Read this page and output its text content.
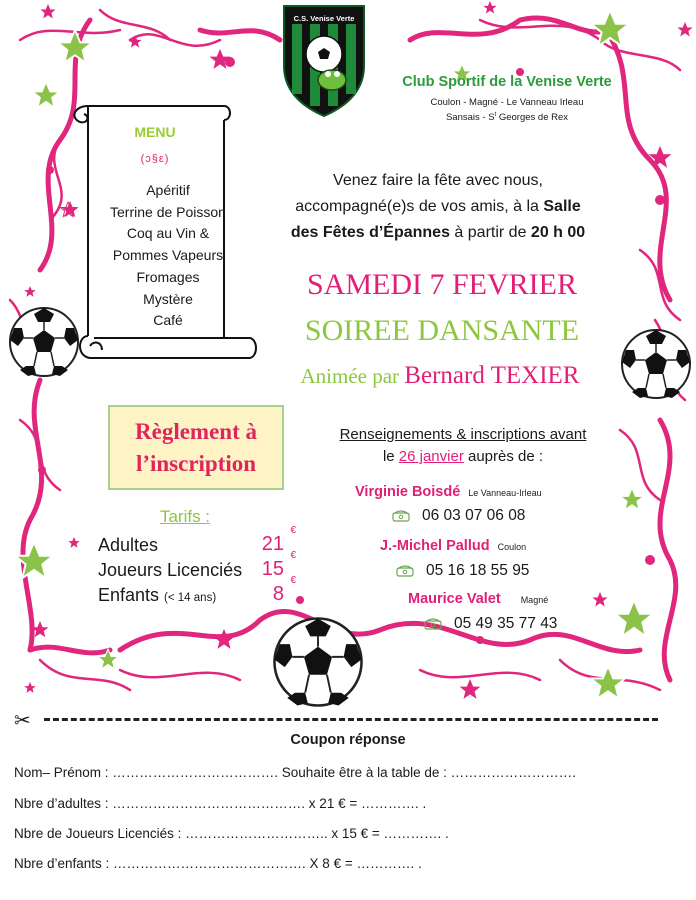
C.S. Venise Verte
Club Sportif de la Venise Verte
Coulon - Magné - Le Vanneau Irleau
Sansais - $S^t$ Georges de Rex
MENU
(ↄ§ε)
Apéritif
Terrine de Poisson
Coq au Vin &
Pommes Vapeurs
Fromages
Mystère
Café
Venez faire la fête avec nous,
accompagné(e)s de vos amis, à la Salle
des Fêtes d’Épannes à partir de 20 h 00
SAMEDI 7 FEVRIER
SOIREE DANSANTE
Animée par Bernard TEXIER
Règlement à
l’inscription
Tarifs :
Adultes	21
€
Joueurs Licenciés 15
€
Enfants (< 14 ans)	8
€
Renseignements & inscriptions avant
le 26 janvier auprès de :
Virginie Boisdé Le Vanneau-Irleau
06 03 07 06 08
J.-Michel Pallud Coulon
05 16 18 55 95
Maurice Valet Magné
05 49 35 77 43
✂
Coupon réponse
Nom– Prénom : ………………………………. Souhaite être à la table de : ……………………….
Nbre d’adultes : ……………………………………. x 21 € = …………. .
Nbre de Joueurs Licenciés : ………………………….. x 15 € = …………. .
Nbre d’enfants : ……………………………………. X 8 € = …………. .
